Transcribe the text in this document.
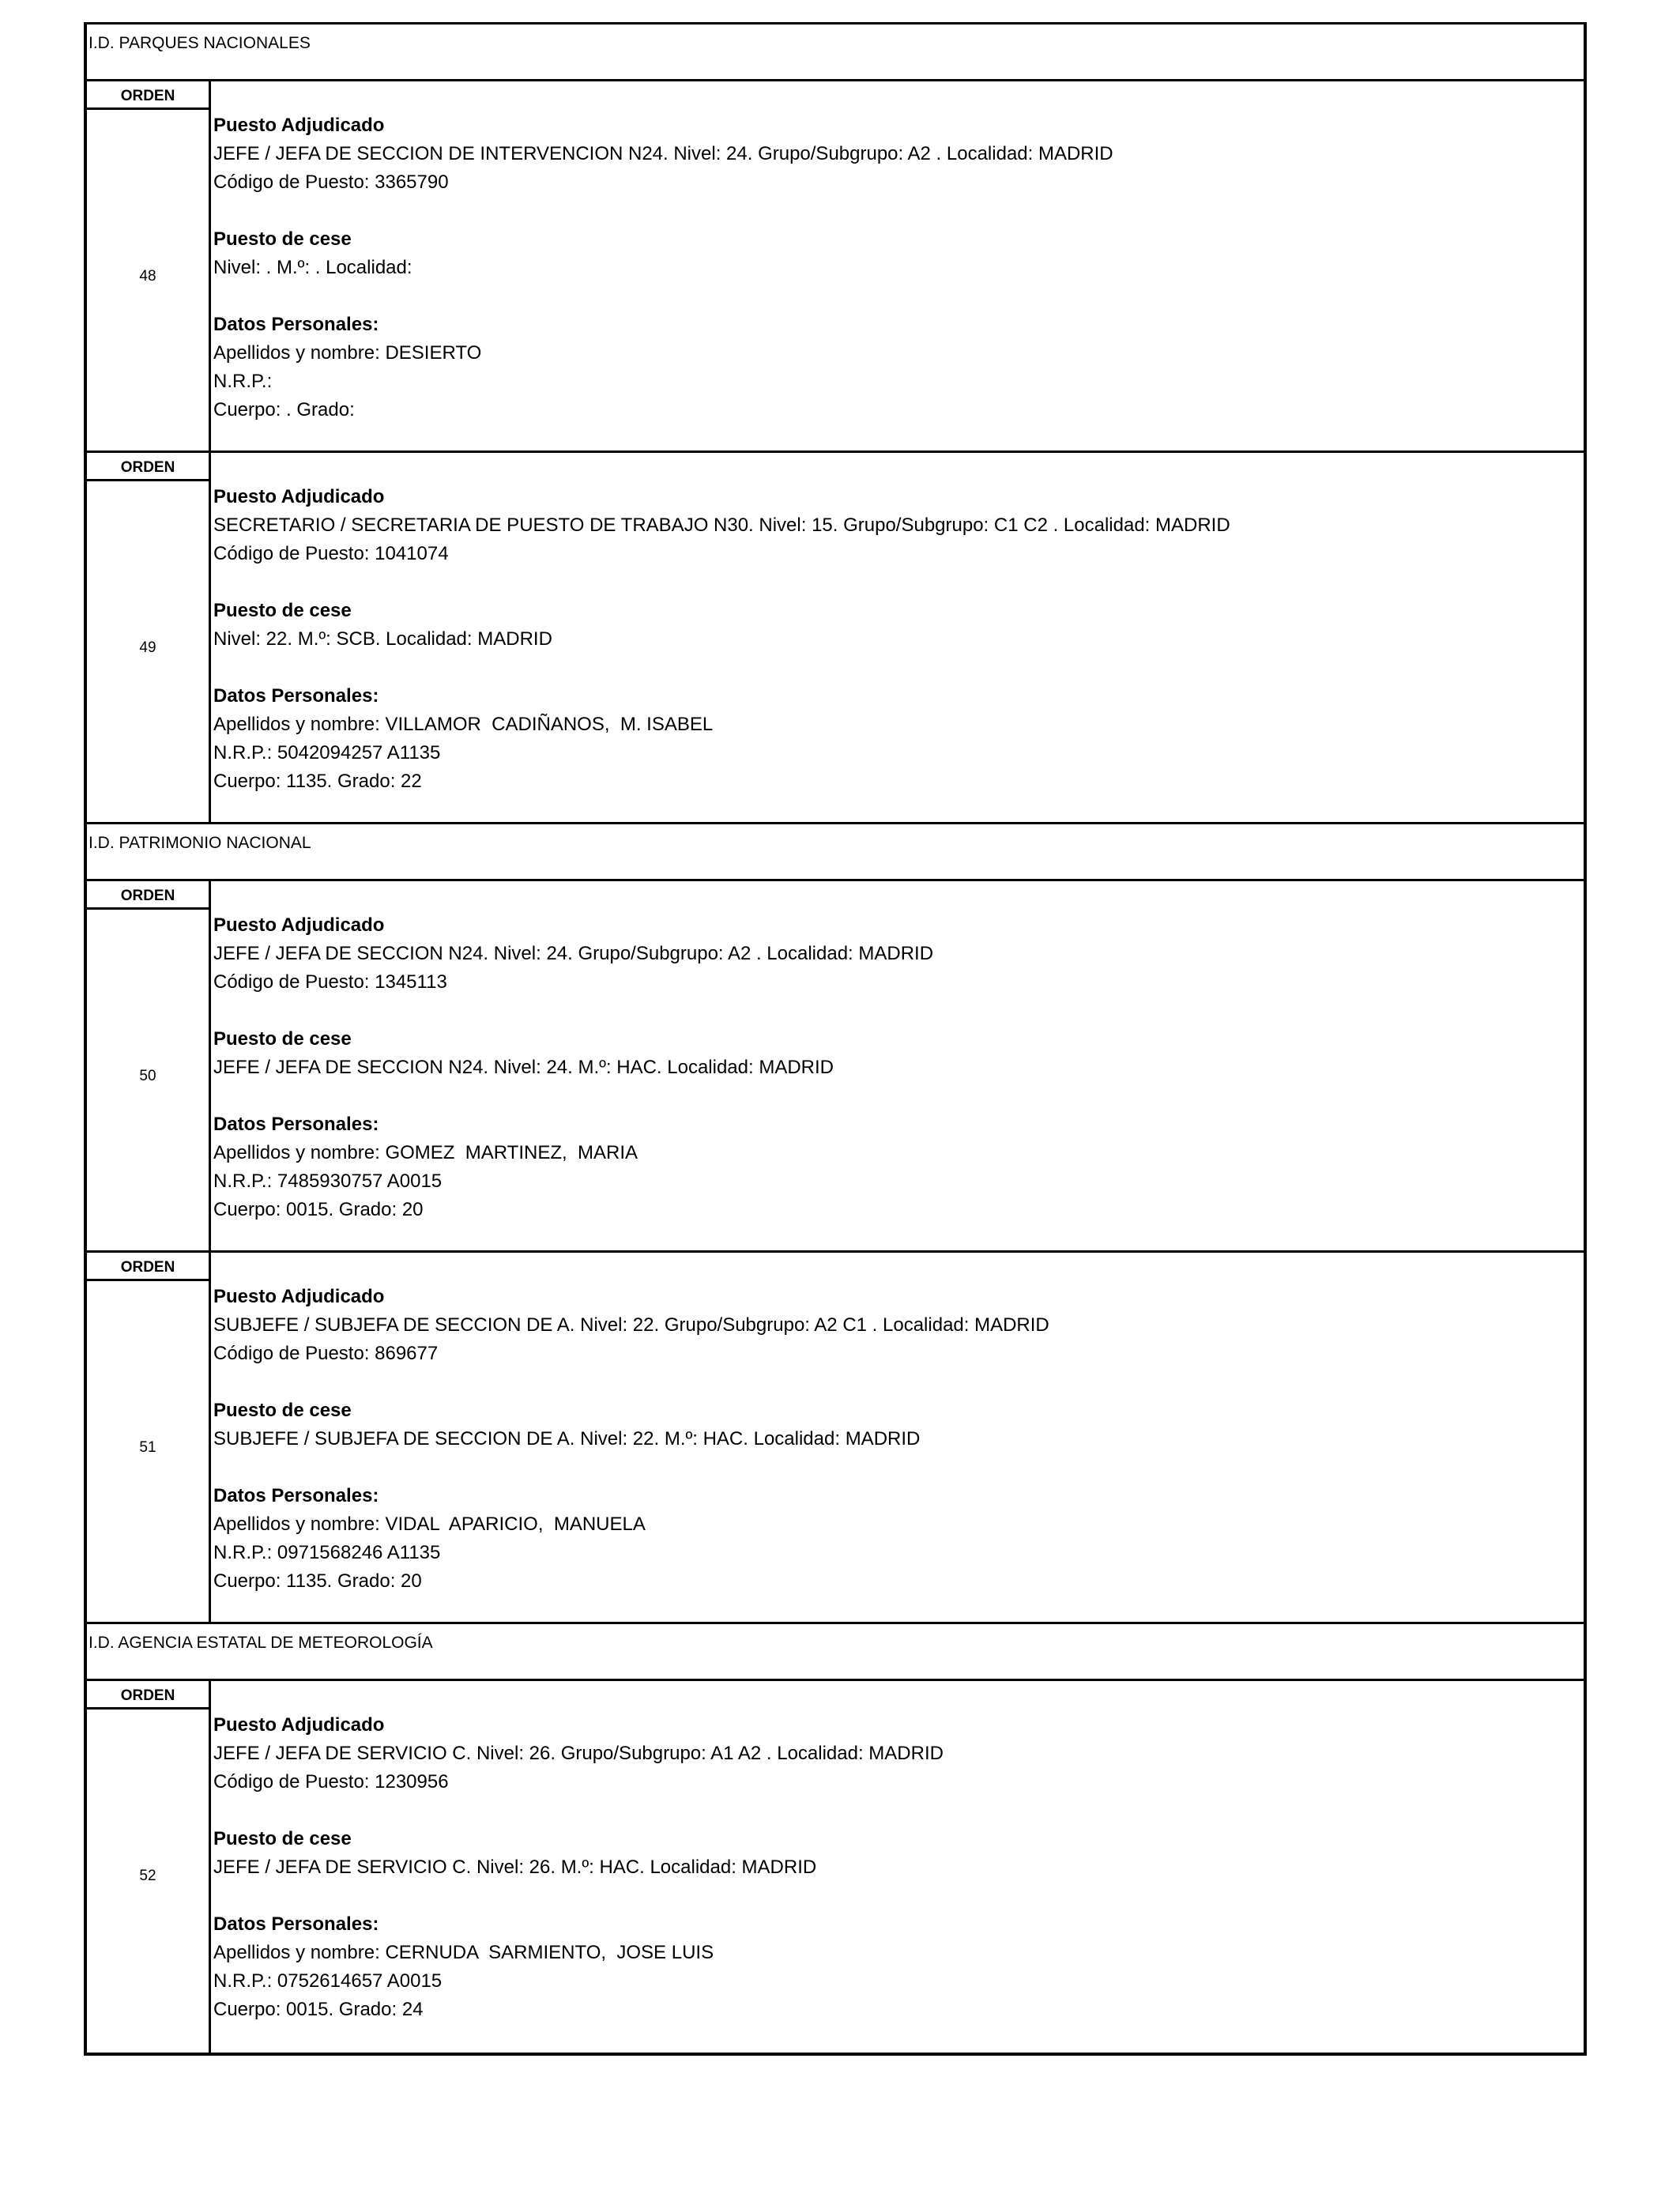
I.D. PARQUES NACIONALES
ORDEN
48
Puesto Adjudicado
JEFE / JEFA DE SECCION DE INTERVENCION N24. Nivel: 24. Grupo/Subgrupo: A2 . Localidad: MADRID
Código de Puesto: 3365790
Puesto de cese
Nivel: . M.º: . Localidad:
Datos Personales:
Apellidos y nombre: DESIERTO
N.R.P.:
Cuerpo: . Grado:
ORDEN
49
Puesto Adjudicado
SECRETARIO / SECRETARIA DE PUESTO DE TRABAJO N30. Nivel: 15. Grupo/Subgrupo: C1 C2 . Localidad: MADRID
Código de Puesto: 1041074
Puesto de cese
Nivel: 22. M.º: SCB. Localidad: MADRID
Datos Personales:
Apellidos y nombre: VILLAMOR  CADIÑANOS,  M. ISABEL
N.R.P.: 5042094257 A1135
Cuerpo: 1135. Grado: 22
I.D. PATRIMONIO NACIONAL
ORDEN
50
Puesto Adjudicado
JEFE / JEFA DE SECCION N24. Nivel: 24. Grupo/Subgrupo: A2 . Localidad: MADRID
Código de Puesto: 1345113
Puesto de cese
JEFE / JEFA DE SECCION N24. Nivel: 24. M.º: HAC. Localidad: MADRID
Datos Personales:
Apellidos y nombre: GOMEZ  MARTINEZ,  MARIA
N.R.P.: 7485930757 A0015
Cuerpo: 0015. Grado: 20
ORDEN
51
Puesto Adjudicado
SUBJEFE / SUBJEFA DE SECCION DE A. Nivel: 22. Grupo/Subgrupo: A2 C1 . Localidad: MADRID
Código de Puesto: 869677
Puesto de cese
SUBJEFE / SUBJEFA DE SECCION DE A. Nivel: 22. M.º: HAC. Localidad: MADRID
Datos Personales:
Apellidos y nombre: VIDAL  APARICIO,  MANUELA
N.R.P.: 0971568246 A1135
Cuerpo: 1135. Grado: 20
I.D. AGENCIA ESTATAL DE METEOROLOGÍA
ORDEN
52
Puesto Adjudicado
JEFE / JEFA DE SERVICIO C. Nivel: 26. Grupo/Subgrupo: A1 A2 . Localidad: MADRID
Código de Puesto: 1230956
Puesto de cese
JEFE / JEFA DE SERVICIO C. Nivel: 26. M.º: HAC. Localidad: MADRID
Datos Personales:
Apellidos y nombre: CERNUDA  SARMIENTO,  JOSE LUIS
N.R.P.: 0752614657 A0015
Cuerpo: 0015. Grado: 24
